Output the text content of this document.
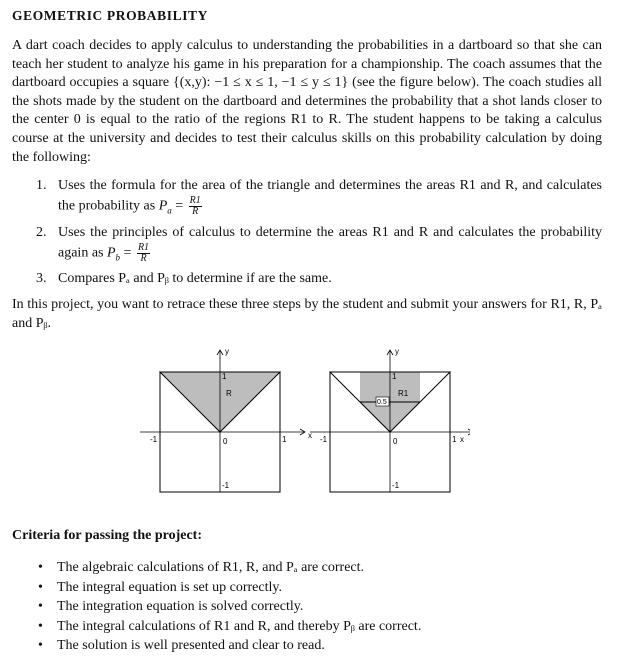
GEOMETRIC PROBABILITY
A dart coach decides to apply calculus to understanding the probabilities in a dartboard so that she can teach her student to analyze his game in his preparation for a championship. The coach assumes that the dartboard occupies a square {(x,y): −1 ≤ x ≤ 1, −1 ≤ y ≤ 1} (see the figure below). The coach studies all the shots made by the student on the dartboard and determines the probability that a shot lands closer to the center 0 is equal to the ratio of the regions R1 to R. The student happens to be taking a calculus course at the university and decides to test their calculus skills on this probability calculation by doing the following:
1. Uses the formula for the area of the triangle and determines the areas R1 and R, and calculates the probability as $P_a = \frac{R1}{R}$
2. Uses the principles of calculus to determine the areas R1 and R and calculates the probability again as $P_b = \frac{R1}{R}$
3. Compares Pₐ and Pᵦ to determine if are the same.
In this project, you want to retrace these three steps by the student and submit your answers for R1, R, Pₐ and Pᵦ.
y
x
1
-1
-1	1
0
R
y
x
1
-1
-1	1
0
0.5
R1
Criteria for passing the project:
• The algebraic calculations of R1, R, and Pₐ are correct.
• The integral equation is set up correctly.
• The integration equation is solved correctly.
• The integral calculations of R1 and R, and thereby Pᵦ are correct.
• The solution is well presented and clear to read.
